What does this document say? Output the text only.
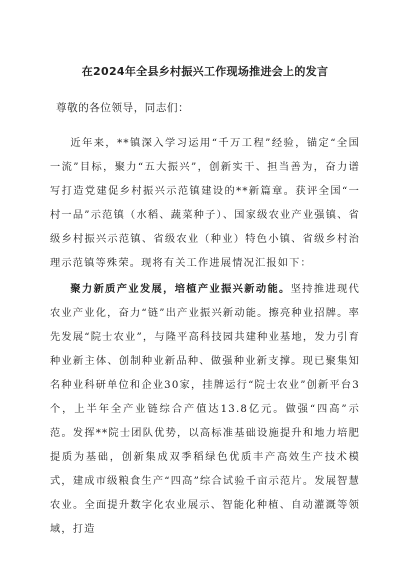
在2024年全县乡村振兴工作现场推进会上的发言

尊敬的各位领导，同志们：

近年来，**镇深入学习运用“千万工程”经验，锚定“全国一流”目标，聚力“五大振兴”，创新实干、担当善为，奋力谱写打造党建促乡村振兴示范镇建设的**新篇章。获评全国“一村一品”示范镇（水稻、蔬菜种子）、国家级农业产业强镇、省级乡村振兴示范镇、省级农业（种业）特色小镇、省级乡村治理示范镇等殊荣。现将有关工作进展情况汇报如下：

聚力新质产业发展，培植产业振兴新动能。坚持推进现代农业产业化，奋力“链”出产业振兴新动能。擦亮种业招牌。率先发展“院士农业”，与隆平高科技园共建种业基地，发力引育种业新主体、创制种业新品种、做强种业新支撑。现已聚集知名种业科研单位和企业30家，挂牌运行“院士农业”创新平台3个，上半年全产业链综合产值达13.8亿元。做强“四高”示范。发挥**院士团队优势，以高标准基础设施提升和地力培肥提质为基础，创新集成双季稻绿色优质丰产高效生产技术模式，建成市级粮食生产“四高”综合试验千亩示范片。发展智慧农业。全面提升数字化农业展示、智能化种植、自动灌溉等领域，打造
